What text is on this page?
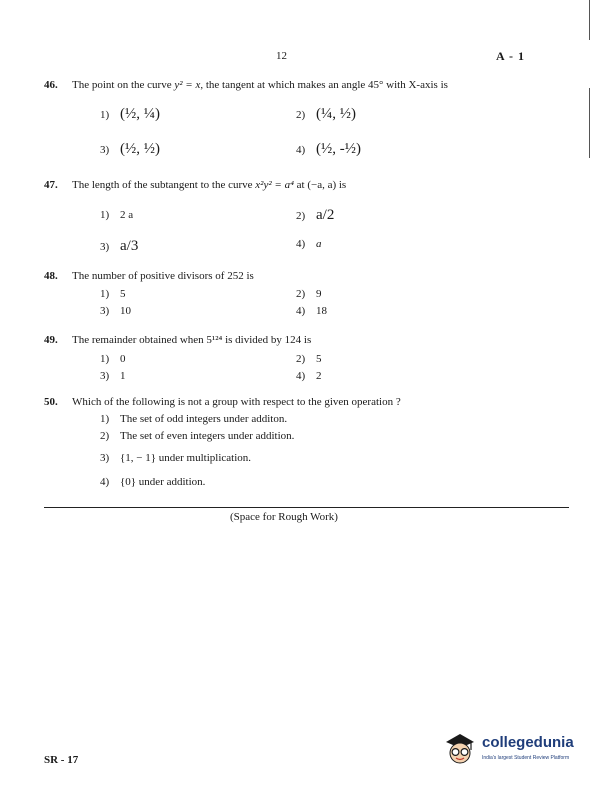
12	A - 1
46. The point on the curve y² = x, the tangent at which makes an angle 45° with X-axis is
1) (½, ¼)	2) (¼, ½)
3) (½, ½)	4) (½, -½)
47. The length of the subtangent to the curve x²y² = a⁴ at (−a, a) is
1) 2 a	2) a/2
3) a/3	4) a
48. The number of positive divisors of 252 is
1) 5	2) 9
3) 10	4) 18
49. The remainder obtained when 5¹²⁴ is divided by 124 is
1) 0	2) 5
3) 1	4) 2
50. Which of the following is not a group with respect to the given operation ?
1) The set of odd integers under additon.
2) The set of even integers under addition.
3) {1, − 1} under multiplication.
4) {0} under addition.
(Space for Rough Work)
SR - 17
collegedunia
India's largest Student Review Platform
